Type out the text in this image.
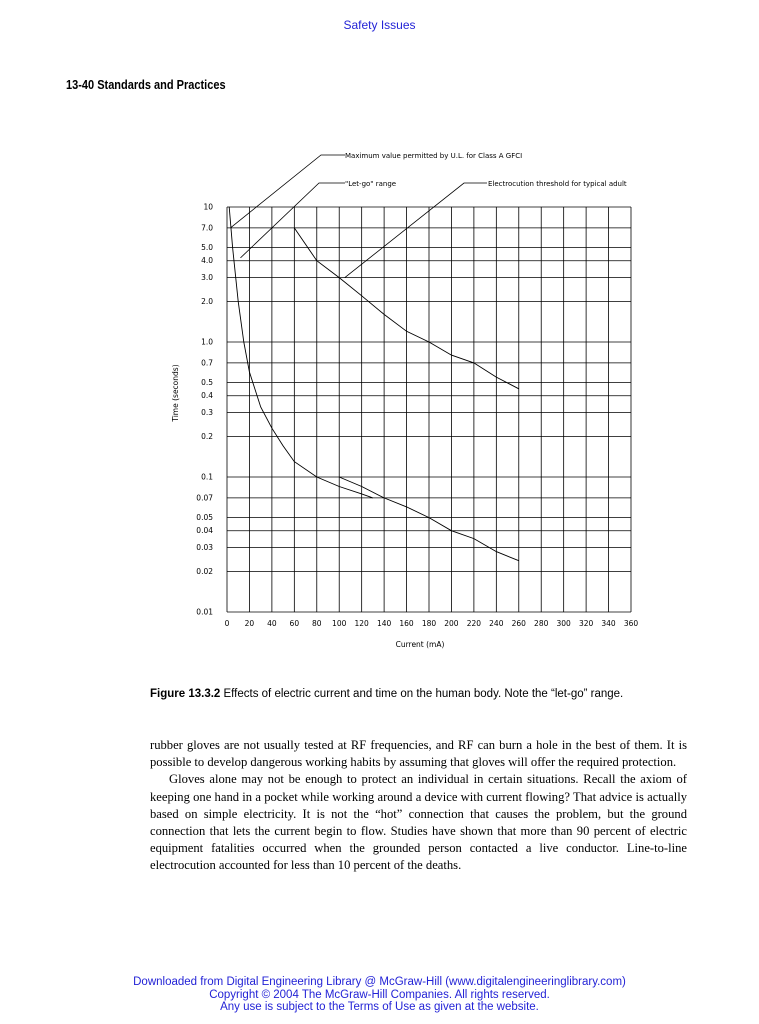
Safety Issues
13-40 Standards and Practices
0.01
0.02
0.03
0.04
0.05
0.07
0.1
0.2
0.3
0.4
0.5
0.7
1.0
2.0
3.0
4.0
5.0
7.0
10
0 20 40 60 80 100 120 140 160 180 200 220 240 260 280 300 320 340 360
Maximum value permitted by U.L. for Class A GFCI
"Let-go" range	Electrocution threshold for typical adult
Current (mA)
Time (seconds)
Figure 13.3.2 Effects of electric current and time on the human body. Note the “let-go” range.

rubber gloves are not usually tested at RF frequencies, and RF can burn a hole in the best of them. It is possible to develop dangerous working habits by assuming that gloves will offer the required protection.

Gloves alone may not be enough to protect an individual in certain situations. Recall the axiom of keeping one hand in a pocket while working around a device with current flowing? That advice is actually based on simple electricity. It is not the “hot” connection that causes the problem, but the ground connection that lets the current begin to flow. Studies have shown that more than 90 percent of electric equipment fatalities occurred when the grounded person contacted a live conductor. Line-to-line electrocution accounted for less than 10 percent of the deaths.

Downloaded from Digital Engineering Library @ McGraw-Hill (www.digitalengineeringlibrary.com)
Copyright © 2004 The McGraw-Hill Companies. All rights reserved.
Any use is subject to the Terms of Use as given at the website.
